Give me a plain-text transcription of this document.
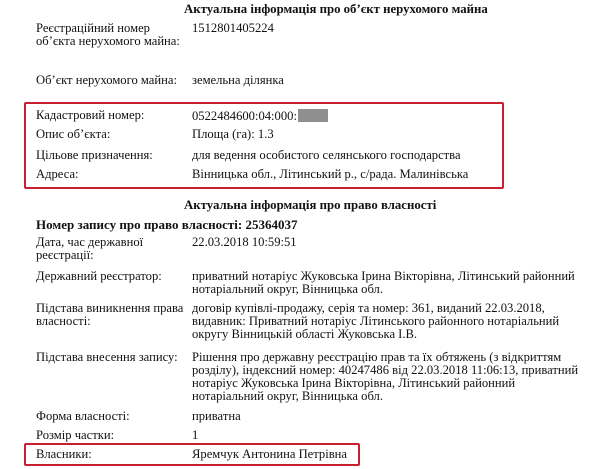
Актуальна інформація про об’єкт нерухомого майна
Реєстраційний номер об’єкта нерухомого майна:
1512801405224
Об’єкт нерухомого майна:	земельна ділянка
Кадастровий номер:	0522484600:04:000:
Опис об’єкта:	Площа (га): 1.3
Цільове призначення:	для ведення особистого селянського господарства
Адреса:	Вінницька обл., Літинський р., с/рада. Малинівська
Актуальна інформація про право власності
Номер запису про право власності: 25364037
Дата, час державної реєстрації:
22.03.2018 10:59:51
Державний реєстратор:	приватний нотаріус Жуковська Ірина Вікторівна, Літинський районний нотаріальний округ, Вінницька обл.
Підстава виникнення права власності:
договір купівлі-продажу, серія та номер: 361, виданий 22.03.2018, видавник: Приватний нотаріус Літинського районного нотаріальний округу Вінницькій області Жуковська І.В.
Підстава внесення запису:	Рішення про державну реєстрацію прав та їх обтяжень (з відкриттям розділу), індексний номер: 40247486 від 22.03.2018 11:06:13, приватний нотаріус Жуковська Ірина Вікторівна, Літинський районний нотаріальний округ, Вінницька обл.
Форма власності:	приватна
Розмір частки:	1
Власники:	Яремчук Антонина Петрівна
